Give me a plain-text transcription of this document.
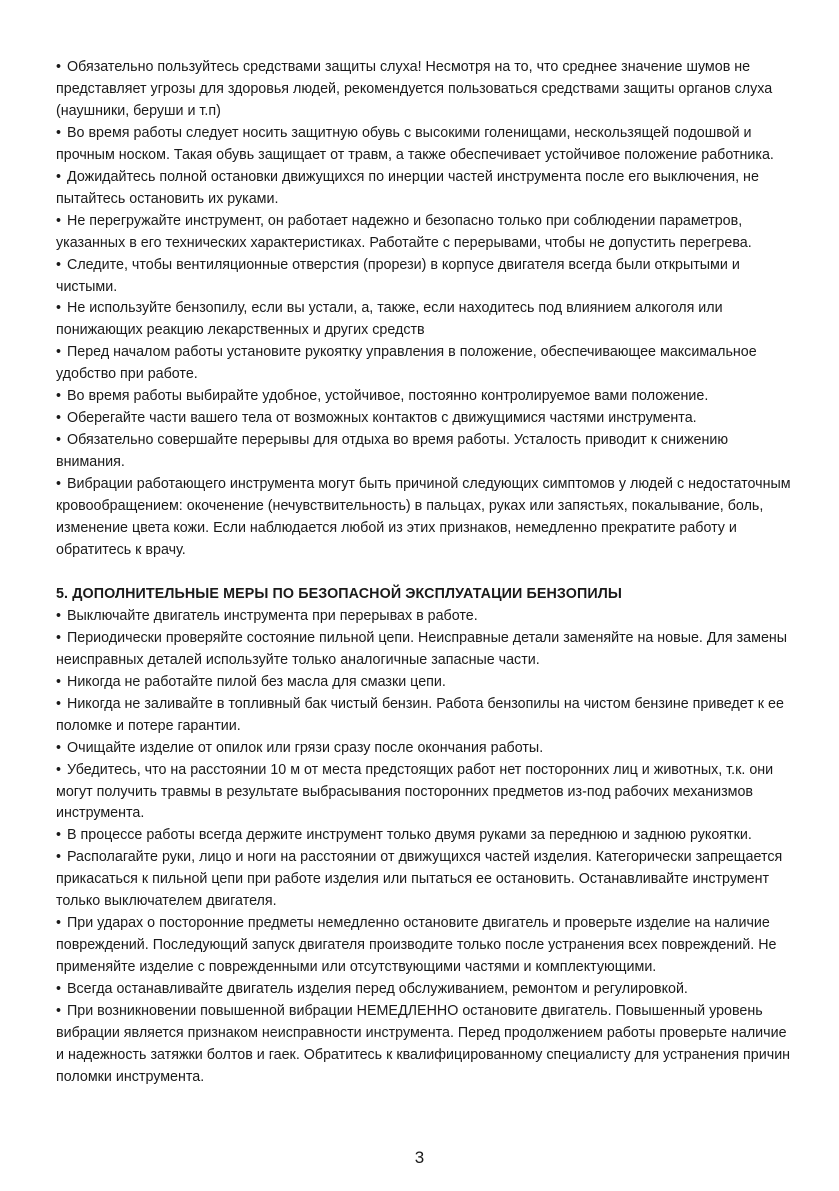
• Обязательно пользуйтесь средствами защиты слуха! Несмотря на то, что среднее значение шумов не представляет угрозы для здоровья людей, рекомендуется пользоваться средствами защиты органов слуха (наушники, беруши и т.п)

• Во время работы следует носить защитную обувь с высокими голенищами, нескользящей подошвой и прочным носком. Такая обувь защищает от травм, а также обеспечивает устойчивое положение работника.

• Дожидайтесь полной остановки движущихся по инерции частей инструмента после его выключения, не пытайтесь остановить их руками.

• Не перегружайте инструмент, он работает надежно и безопасно только при соблюдении параметров, указанных в его технических характеристиках. Работайте с перерывами, чтобы не допустить перегрева.

• Следите, чтобы вентиляционные отверстия (прорези) в корпусе двигателя всегда были открытыми и чистыми.

• Не используйте бензопилу, если вы устали, а, также, если находитесь под влиянием алкоголя или понижающих реакцию лекарственных и других средств

• Перед началом работы установите рукоятку управления в положение, обеспечивающее максимальное удобство при работе.

• Во время работы выбирайте удобное, устойчивое, постоянно контролируемое вами положение.

• Оберегайте части вашего тела от возможных контактов с движущимися частями инструмента.

• Обязательно совершайте перерывы для отдыха во время работы. Усталость приводит к снижению внимания.

• Вибрации работающего инструмента могут быть причиной следующих симптомов у людей с недостаточным кровообращением: окоченение (нечувствительность) в пальцах, руках или запястьях, покалывание, боль, изменение цвета кожи. Если наблюдается любой из этих признаков, немедленно прекратите работу и обратитесь к врачу.

5. ДОПОЛНИТЕЛЬНЫЕ МЕРЫ ПО БЕЗОПАСНОЙ ЭКСПЛУАТАЦИИ БЕНЗОПИЛЫ

• Выключайте двигатель инструмента при перерывах в работе.

• Периодически проверяйте состояние пильной цепи. Неисправные детали заменяйте на новые. Для замены неисправных деталей используйте только аналогичные запасные части.

• Никогда не работайте пилой без масла для смазки цепи.

• Никогда не заливайте в топливный бак чистый бензин. Работа бензопилы на чистом бензине приведет к ее поломке и потере гарантии.

• Очищайте изделие от опилок или грязи сразу после окончания работы.

• Убедитесь, что на расстоянии 10 м от места предстоящих работ нет посторонних лиц и животных, т.к. они могут получить травмы в результате выбрасывания посторонних предметов из-под рабочих механизмов инструмента.

• В процессе работы всегда держите инструмент только двумя руками за переднюю и заднюю рукоятки.

• Располагайте руки, лицо и ноги на расстоянии от движущихся частей изделия. Категорически запрещается прикасаться к пильной цепи при работе изделия или пытаться ее остановить. Останавливайте инструмент только выключателем двигателя.

• При ударах о посторонние предметы немедленно остановите двигатель и проверьте изделие на наличие повреждений. Последующий запуск двигателя производите только после устранения всех повреждений. Не применяйте изделие с поврежденными или отсутствующими частями и комплектующими.

• Всегда останавливайте двигатель изделия перед обслуживанием, ремонтом и регулировкой.

• При возникновении повышенной вибрации НЕМЕДЛЕННО остановите двигатель. Повышенный уровень вибрации является признаком неисправности инструмента. Перед продолжением работы проверьте наличие и надежность затяжки болтов и гаек. Обратитесь к квалифицированному специалисту для устранения причин поломки инструмента.

3
